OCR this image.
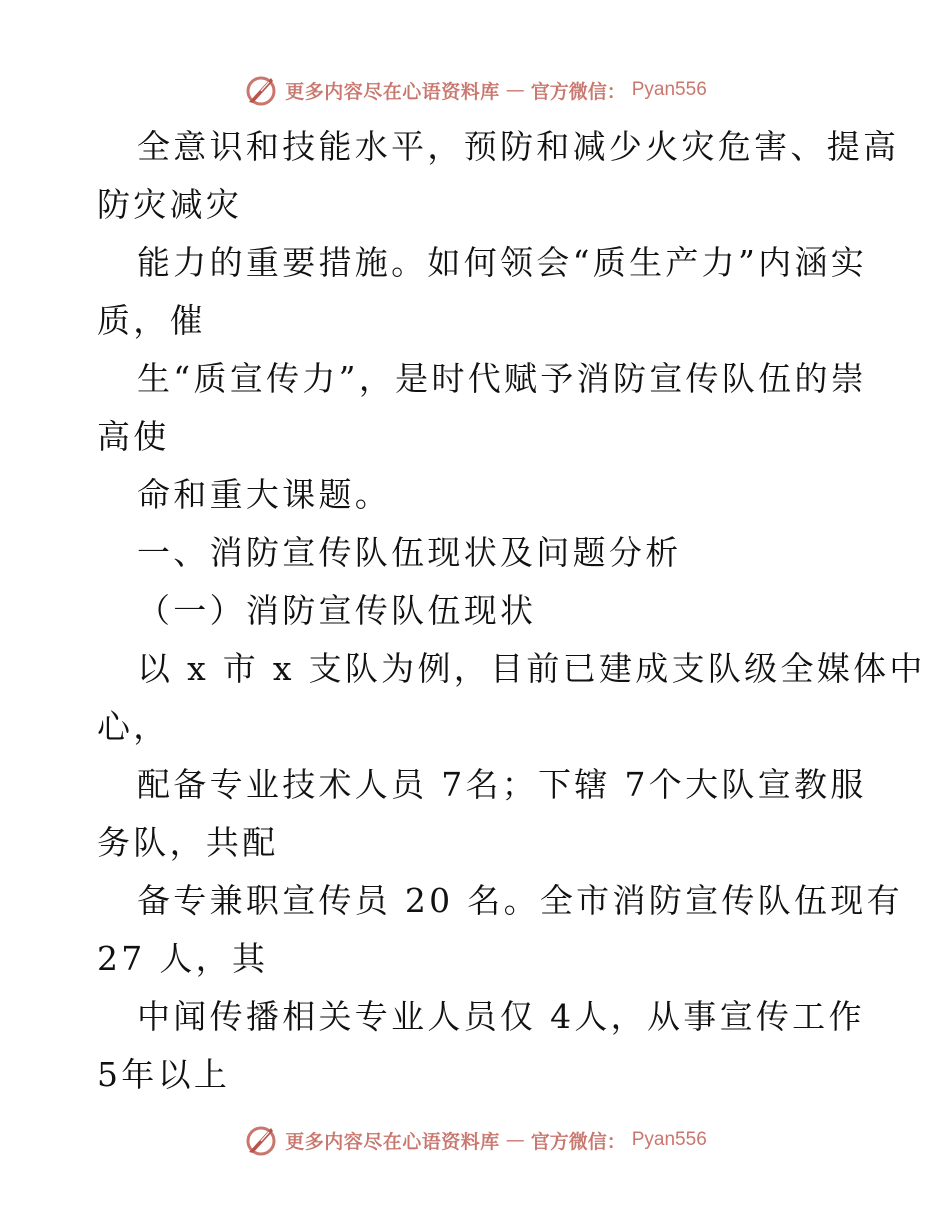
更多内容尽在心语资料库 — 官方微信： Pyan556
全意识和技能水平，预防和减少火灾危害、提高
防灾减灾
能力的重要措施。如何领会“质生产力”内涵实
质，催
生“质宣传力”，是时代赋予消防宣传队伍的崇
高使
命和重大课题。
一、消防宣传队伍现状及问题分析
（一）消防宣传队伍现状
以 x 市 x 支队为例，目前已建成支队级全媒体中
心，
配备专业技术人员 7名；下辖 7个大队宣教服
务队，共配
备专兼职宣传员 20 名。全市消防宣传队伍现有
27 人，其
中闻传播相关专业人员仅 4人，从事宣传工作
5年以上
更多内容尽在心语资料库 — 官方微信： Pyan556
